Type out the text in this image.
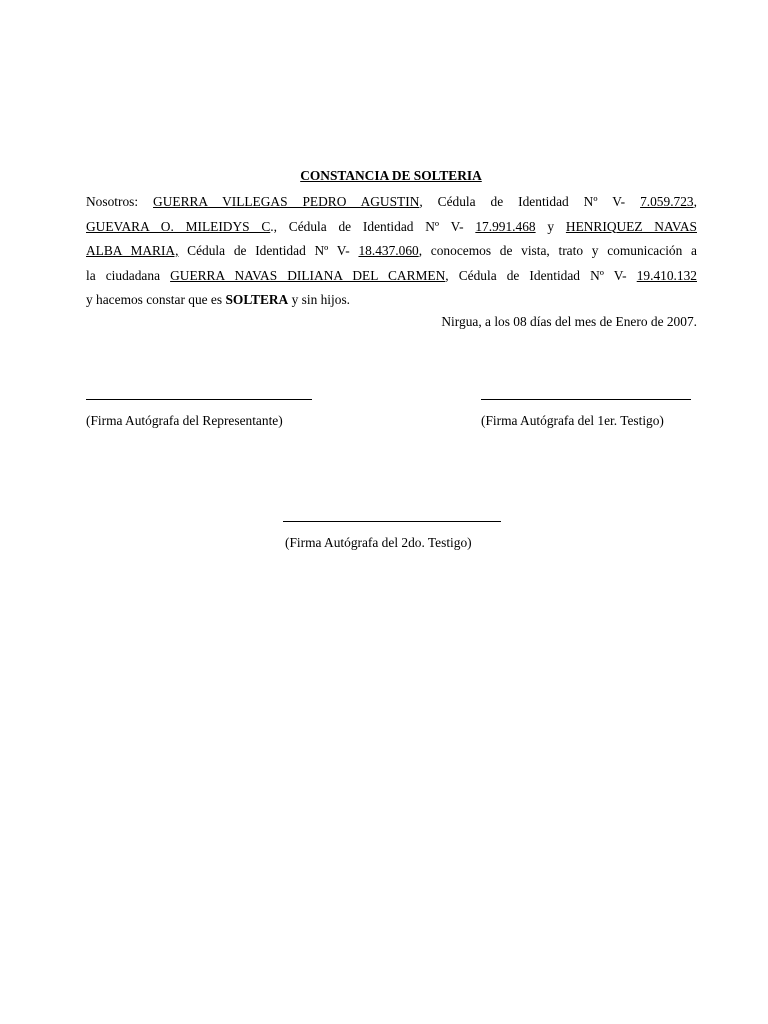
CONSTANCIA DE SOLTERIA
Nosotros: GUERRA VILLEGAS PEDRO AGUSTIN, Cédula de Identidad Nº V- 7.059.723,
GUEVARA O. MILEIDYS C., Cédula de Identidad Nº V- 17.991.468 y HENRIQUEZ NAVAS
ALBA MARIA, Cédula de Identidad Nº V- 18.437.060, conocemos de vista, trato y comunicación a
la ciudadana GUERRA NAVAS DILIANA DEL CARMEN, Cédula de Identidad Nº V- 19.410.132
y hacemos constar que es SOLTERA y sin hijos.
Nirgua, a los 08 días del mes de Enero de 2007.
(Firma Autógrafa del Representante)	(Firma Autógrafa del 1er. Testigo)
(Firma Autógrafa del 2do. Testigo)
